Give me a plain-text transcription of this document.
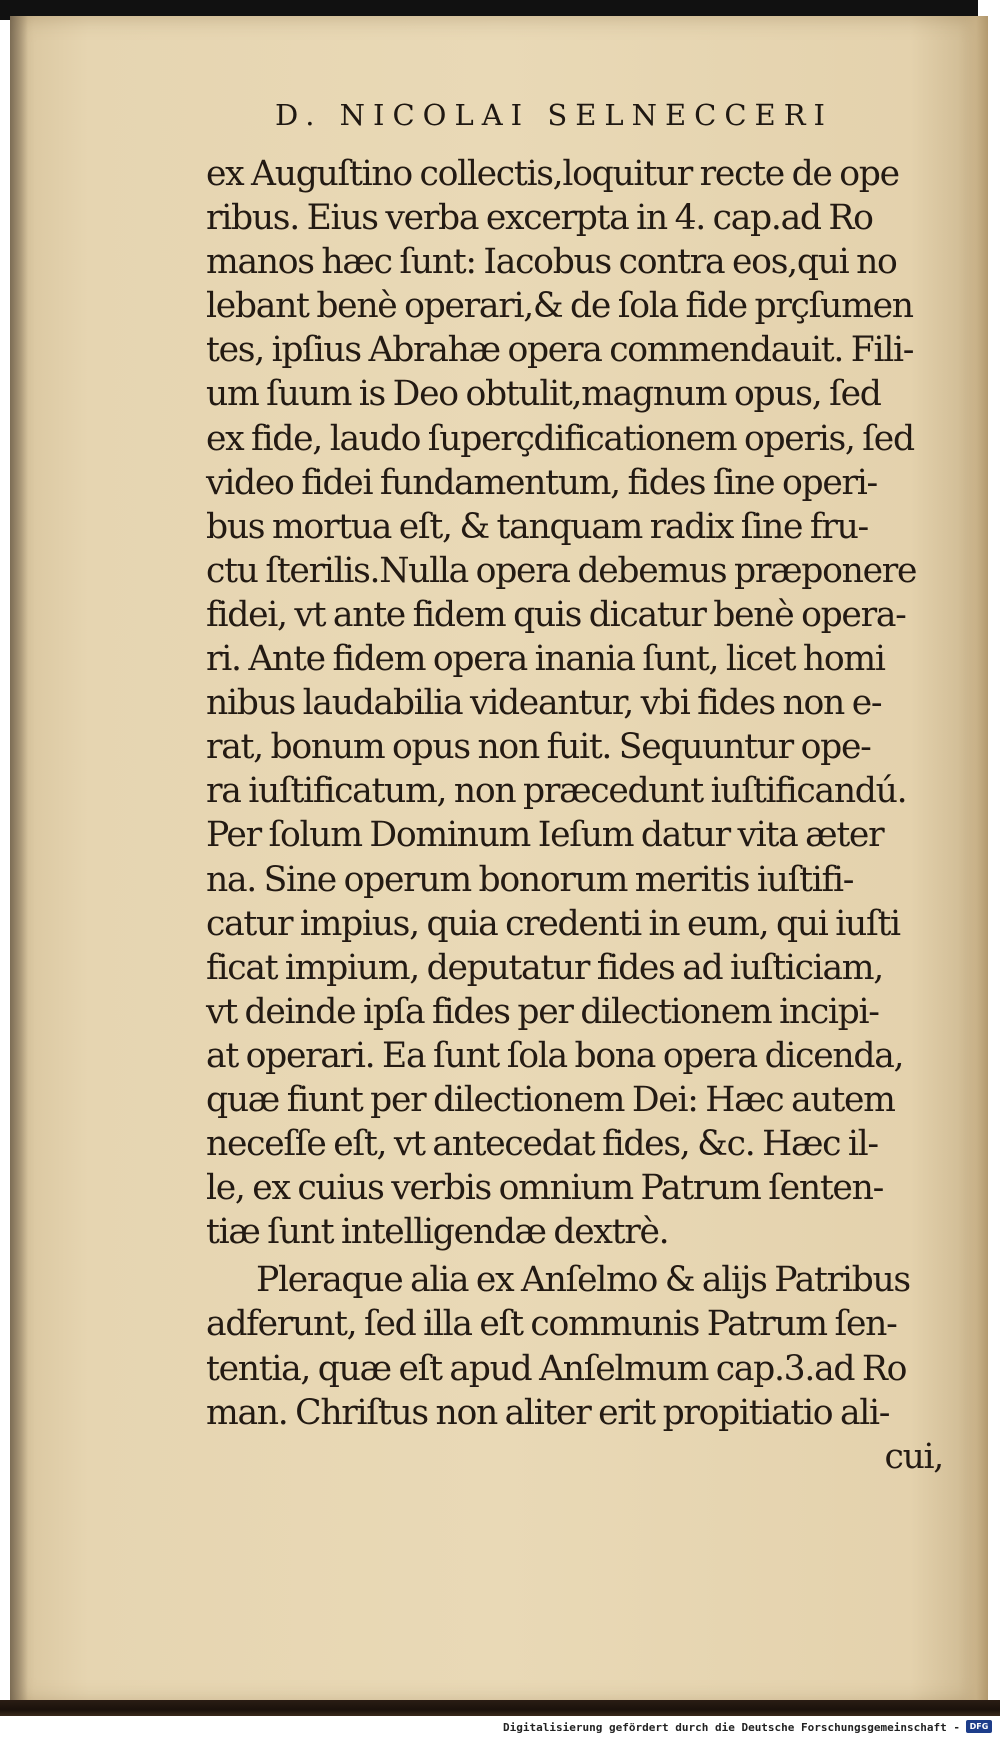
D. NICOLAI SELNECCERI
ex Auguſtino collectis,loquitur recte de ope
ribus. Eius verba excerpta in 4. cap.ad Ro
manos hæc ſunt: Iacobus contra eos,qui no
lebant benè operari,& de ſola fide prçſumen
tes, ipſius Abrahæ opera commendauit. Fili-
um ſuum is Deo obtulit,magnum opus, ſed
ex fide, laudo ſuperçdificationem operis, ſed
video fidei fundamentum, fides ſine operi-
bus mortua eſt, & tanquam radix ſine fru-
ctu ſterilis.Nulla opera debemus præponere
fidei, vt ante fidem quis dicatur benè opera-
ri. Ante fidem opera inania ſunt, licet homi
nibus laudabilia videantur, vbi fides non e-
rat, bonum opus non fuit. Sequuntur ope-
ra iuſtificatum, non præcedunt iuſtificandú.
Per ſolum Dominum Ieſum datur vita æter
na. Sine operum bonorum meritis iuſtifi-
catur impius, quia credenti in eum, qui iuſti
ficat impium, deputatur fides ad iuſticiam,
vt deinde ipſa fides per dilectionem incipi-
at operari. Ea ſunt ſola bona opera dicenda,
quæ fiunt per dilectionem Dei: Hæc autem
neceſſe eſt, vt antecedat fides, &c. Hæc il-
le, ex cuius verbis omnium Patrum ſenten-
tiæ ſunt intelligendæ dextrè.
Pleraque alia ex Anſelmo & alijs Patribus
adferunt, ſed illa eſt communis Patrum ſen-
tentia, quæ eſt apud Anſelmum cap.3.ad Ro
man. Chriſtus non aliter erit propitiatio ali-
cui,
Digitalisierung gefördert durch die Deutsche Forschungsgemeinschaft -	DFG
